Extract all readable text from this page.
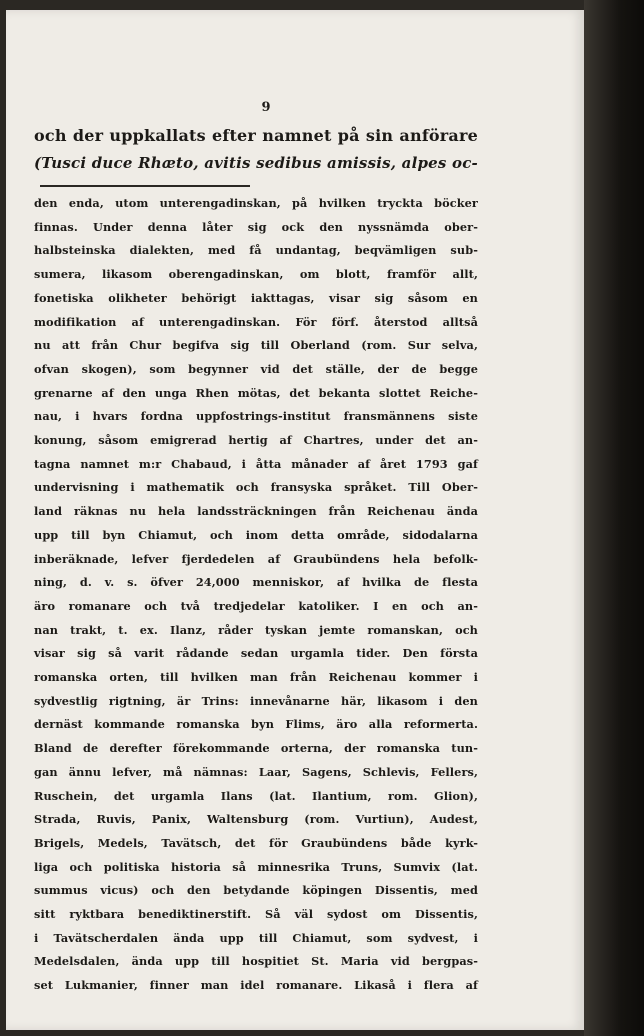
9
och der uppkallats efter namnet på sin anförare
(Tusci duce Rhæto, avitis sedibus amissis, alpes oc-
den enda, utom unterengadinskan, på hvilken tryckta böcker
finnas. Under denna låter sig ock den nyssnämda ober-
halbsteinska dialekten, med få undantag, beqvämligen sub-
sumera, likasom oberengadinskan, om blott, framför allt,
fonetiska olikheter behörigt iakttagas, visar sig såsom en
modifikation af unterengadinskan. För förf. återstod alltså
nu att från Chur begifva sig till Oberland (rom. Sur selva,
ofvan skogen), som begynner vid det ställe, der de begge
grenarne af den unga Rhen mötas, det bekanta slottet Reiche-
nau, i hvars fordna uppfostrings-institut fransmännens siste
konung, såsom emigrerad hertig af Chartres, under det an-
tagna namnet m:r Chabaud, i åtta månader af året 1793 gaf
undervisning i mathematik och fransyska språket. Till Ober-
land räknas nu hela landssträckningen från Reichenau ända
upp till byn Chiamut, och inom detta område, sidodalarna
inberäknade, lefver fjerdedelen af Graubündens hela befolk-
ning, d. v. s. öfver 24,000 menniskor, af hvilka de flesta
äro romanare och två tredjedelar katoliker. I en och an-
nan trakt, t. ex. Ilanz, råder tyskan jemte romanskan, och
visar sig så varit rådande sedan urgamla tider. Den första
romanska orten, till hvilken man från Reichenau kommer i
sydvestlig rigtning, är Trins: innevånarne här, likasom i den
dernäst kommande romanska byn Flims, äro alla reformerta.
Bland de derefter förekommande orterna, der romanska tun-
gan ännu lefver, må nämnas: Laar, Sagens, Schlevis, Fellers,
Ruschein, det urgamla Ilans (lat. Ilantium, rom. Glion),
Strada, Ruvis, Panix, Waltensburg (rom. Vurtiun), Audest,
Brigels, Medels, Tavätsch, det för Graubündens både kyrk-
liga och politiska historia så minnesrika Truns, Sumvix (lat.
summus vicus) och den betydande köpingen Dissentis, med
sitt ryktbara benediktinerstift. Så väl sydost om Dissentis,
i Tavätscherdalen ända upp till Chiamut, som sydvest, i
Medelsdalen, ända upp till hospitiet St. Maria vid bergpas-
set Lukmanier, finner man idel romanare. Likaså i flera af
